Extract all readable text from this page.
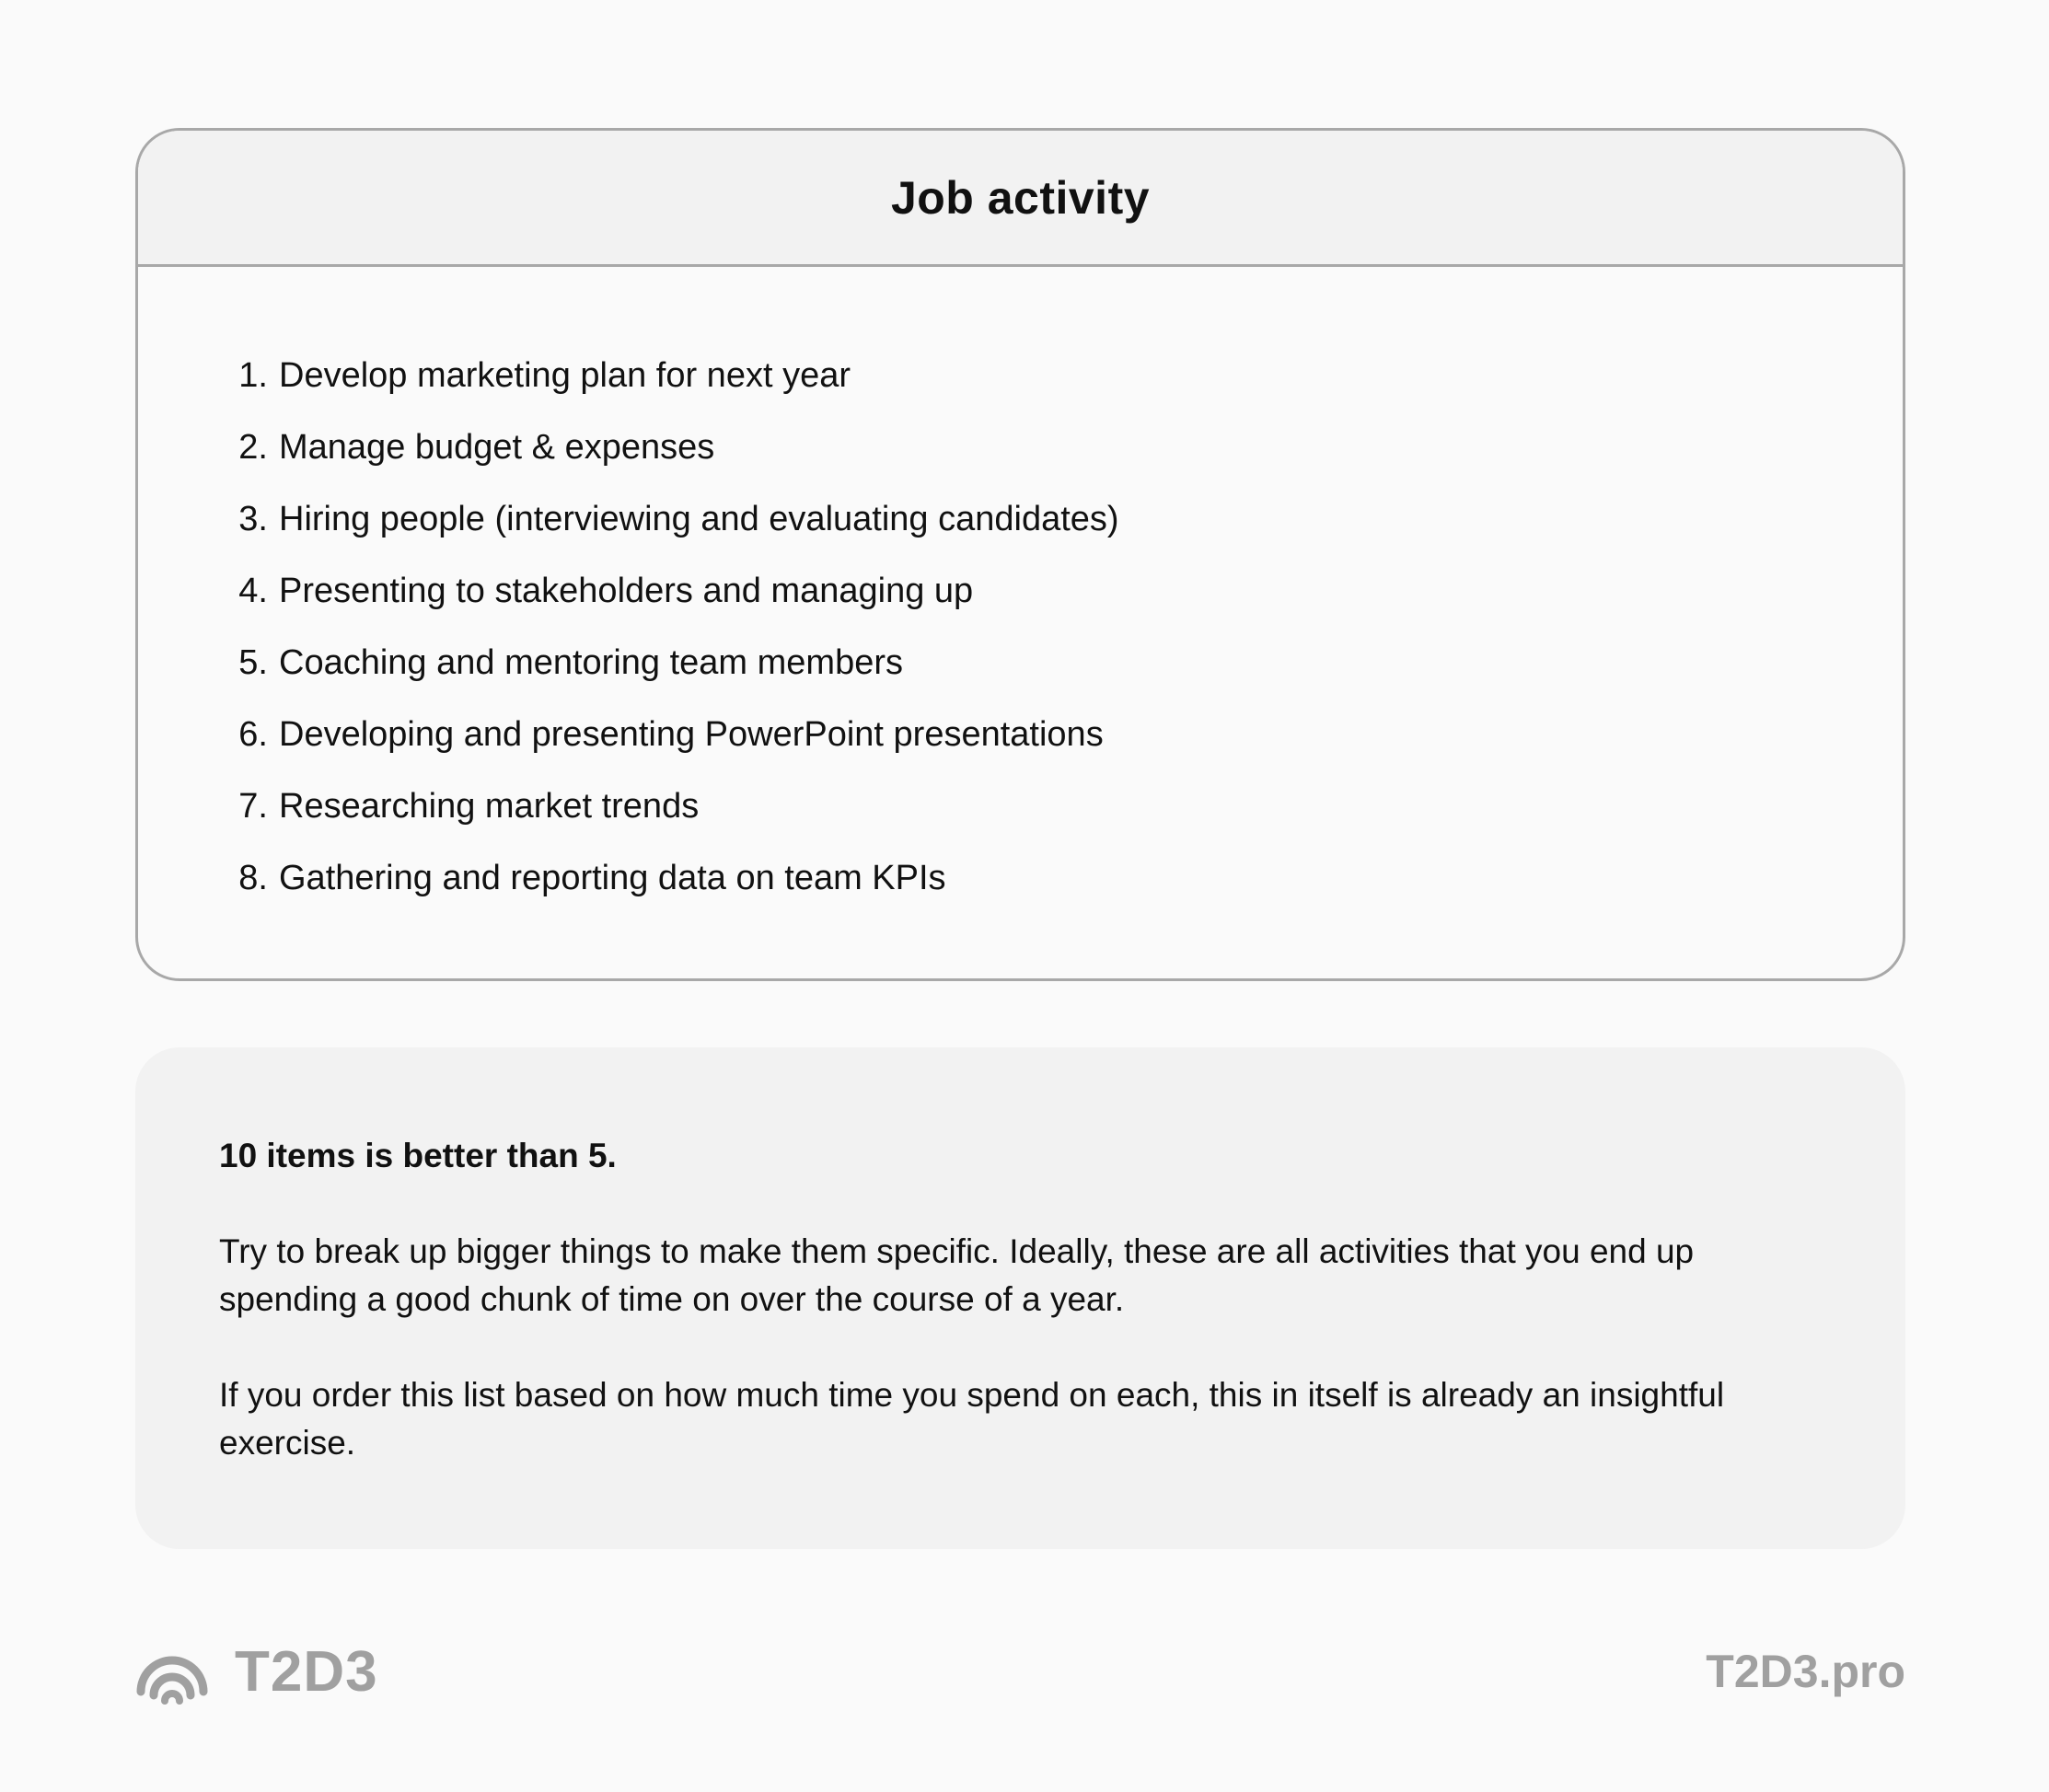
Job activity
1. Develop marketing plan for next year
2. Manage budget & expenses
3. Hiring people (interviewing and evaluating candidates)
4. Presenting to stakeholders and managing up
5. Coaching and mentoring team members
6. Developing and presenting PowerPoint presentations
7. Researching market trends
8. Gathering and reporting data on team KPIs

10 items is better than 5.

Try to break up bigger things to make them specific. Ideally, these are all activities that you end up spending a good chunk of time on over the course of a year.

If you order this list based on how much time you spend on each, this in itself is already an insightful exercise.

T2D3	T2D3.pro
